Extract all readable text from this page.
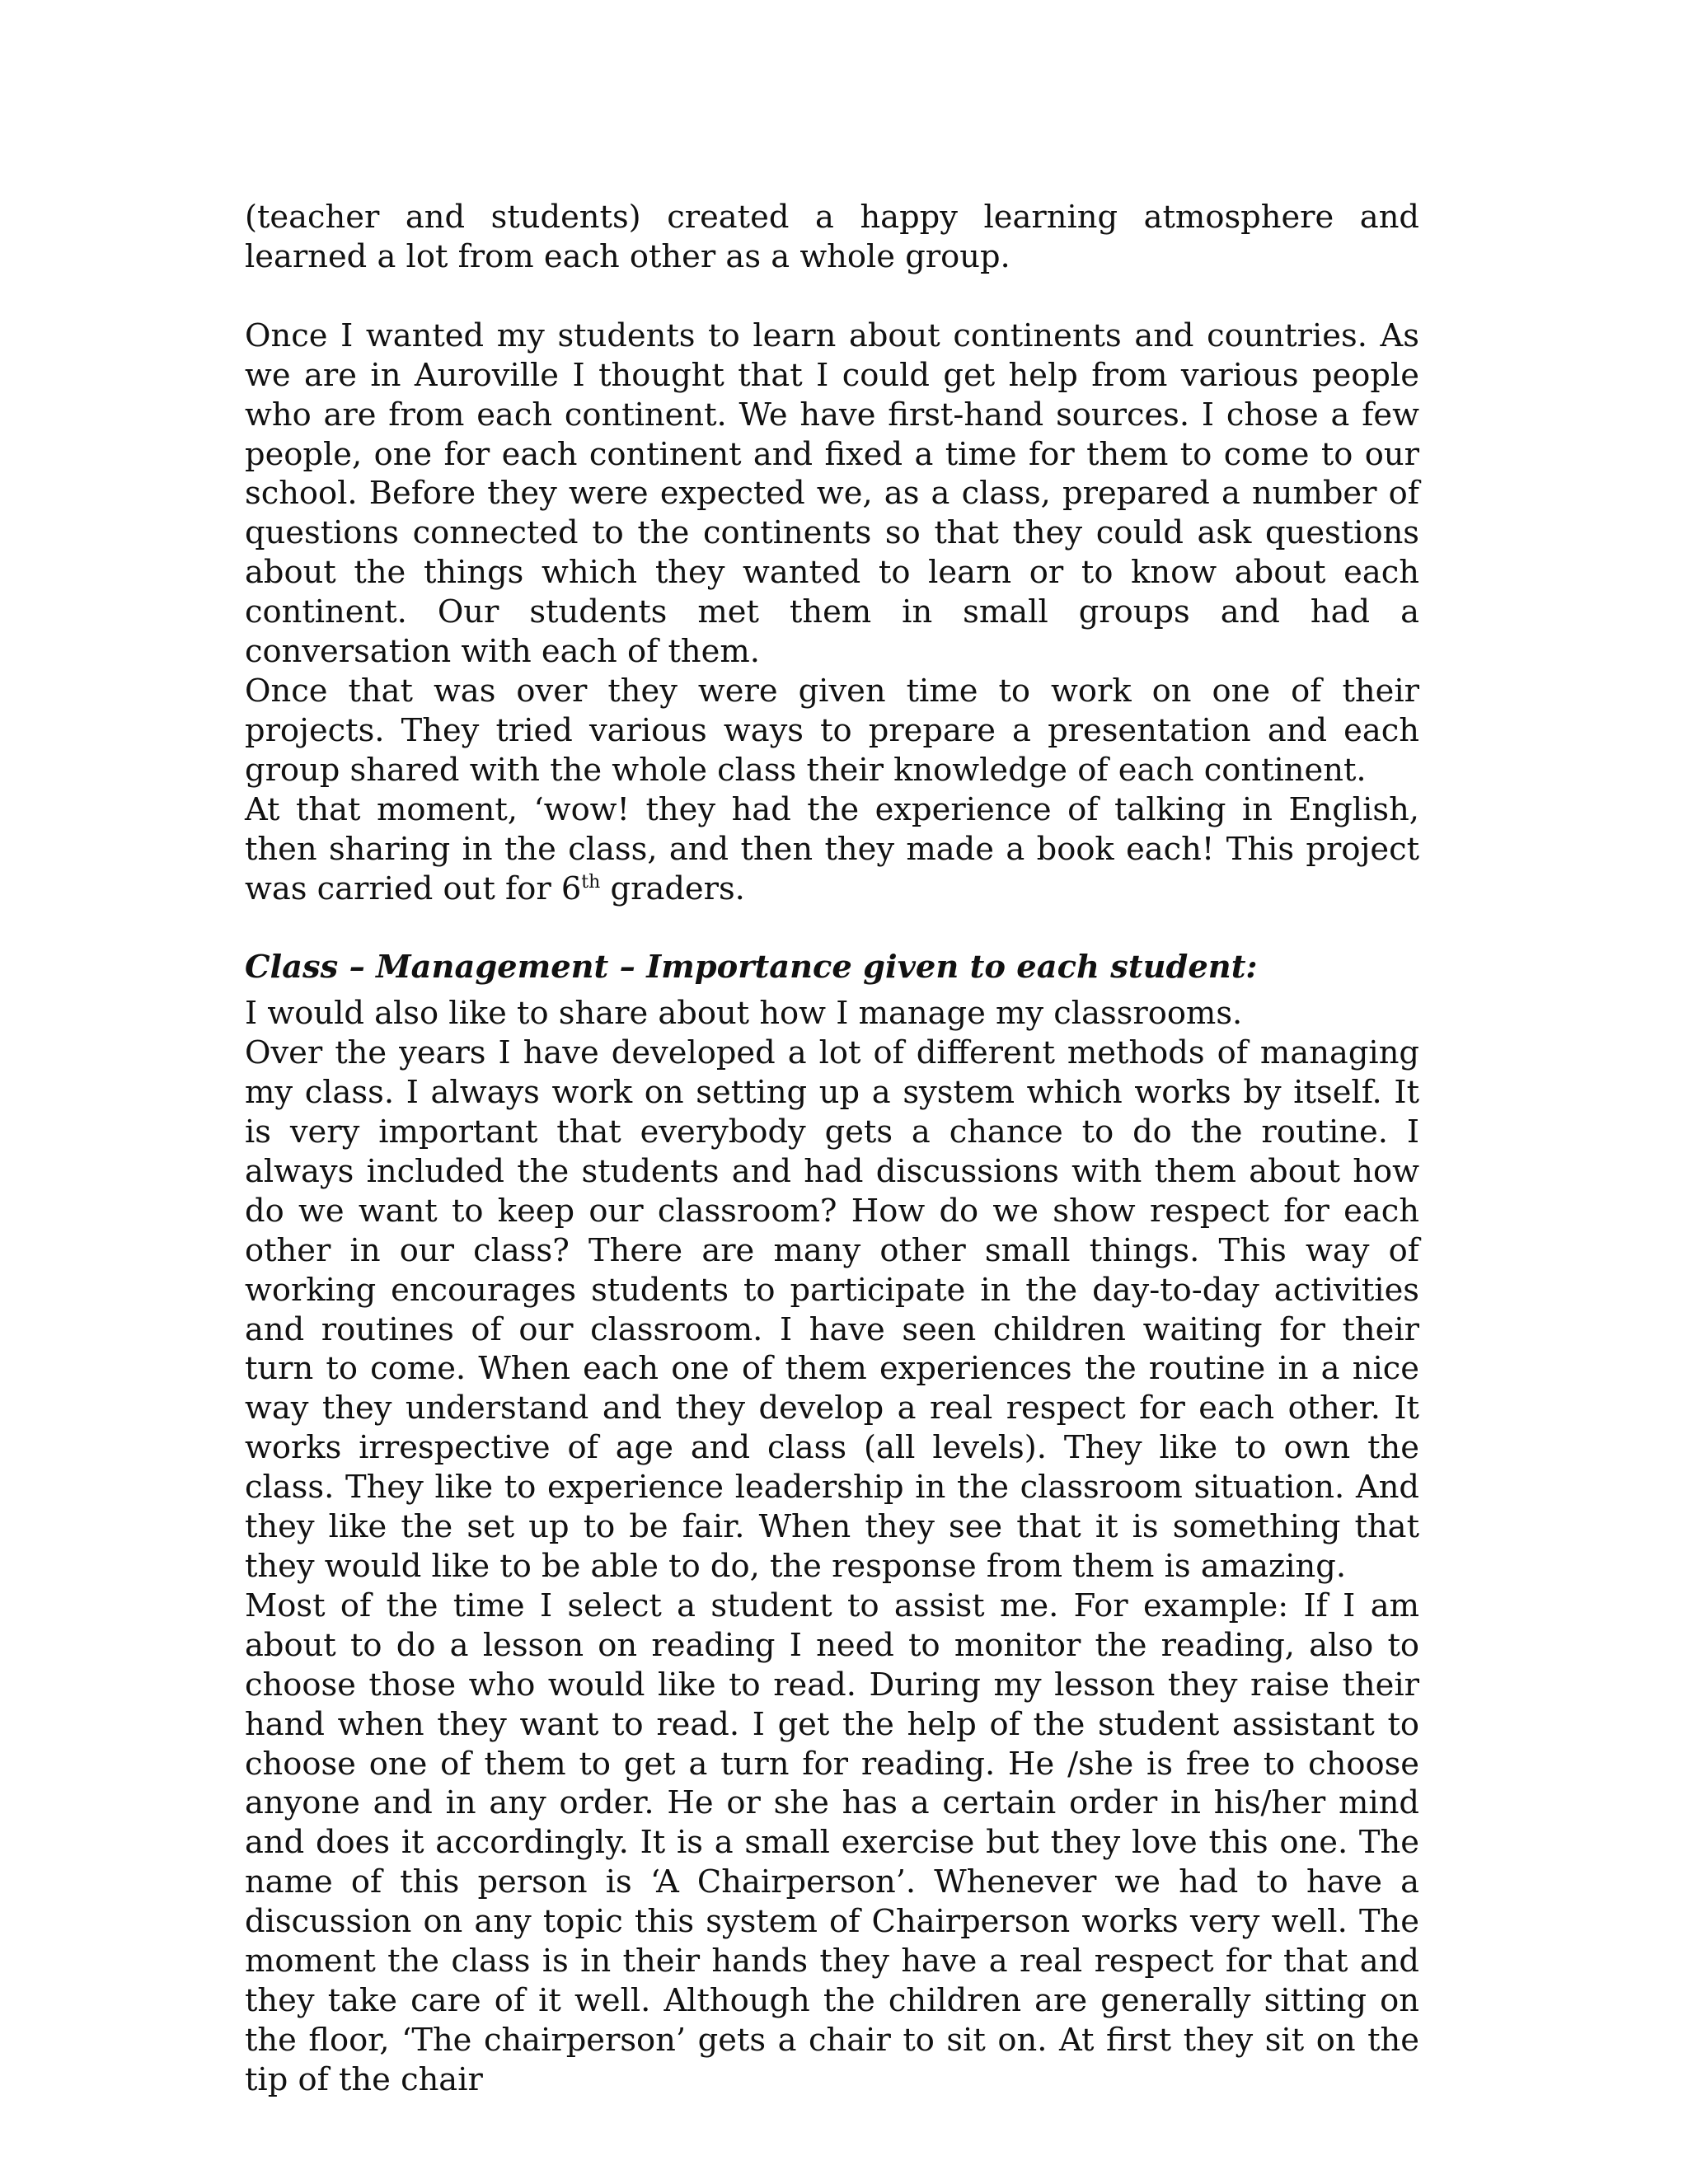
(teacher and students) created a happy learning atmosphere and learned a lot from each other as a whole group.

Once I wanted my students to learn about continents and countries. As we are in Auroville I thought that I could get help from various people who are from each continent. We have first-hand sources. I chose a few people, one for each continent and fixed a time for them to come to our school. Before they were expected we, as a class, prepared a number of questions connected to the continents so that they could ask questions about the things which they wanted to learn or to know about each continent. Our students met them in small groups and had a conversation with each of them.

Once that was over they were given time to work on one of their projects. They tried various ways to prepare a presentation and each group shared with the whole class their knowledge of each continent.

At that moment, ‘wow! they had the experience of talking in English, then sharing in the class, and then they made a book each! This project was carried out for 6th graders.

Class – Management – Importance given to each student:

I would also like to share about how I manage my classrooms.

Over the years I have developed a lot of different methods of managing my class. I always work on setting up a system which works by itself. It is very important that everybody gets a chance to do the routine. I always included the students and had discussions with them about how do we want to keep our classroom? How do we show respect for each other in our class? There are many other small things. This way of working encourages students to participate in the day-to-day activities and routines of our classroom. I have seen children waiting for their turn to come. When each one of them experiences the routine in a nice way they understand and they develop a real respect for each other. It works irrespective of age and class (all levels). They like to own the class. They like to experience leadership in the classroom situation. And they like the set up to be fair. When they see that it is something that they would like to be able to do, the response from them is amazing.

Most of the time I select a student to assist me. For example: If I am about to do a lesson on reading I need to monitor the reading, also to choose those who would like to read. During my lesson they raise their hand when they want to read. I get the help of the student assistant to choose one of them to get a turn for reading. He /she is free to choose anyone and in any order. He or she has a certain order in his/her mind and does it accordingly. It is a small exercise but they love this one. The name of this person is ‘A Chairperson’. Whenever we had to have a discussion on any topic this system of Chairperson works very well. The moment the class is in their hands they have a real respect for that and they take care of it well. Although the children are generally sitting on the floor, ‘The chairperson’ gets a chair to sit on. At first they sit on the tip of the chair
